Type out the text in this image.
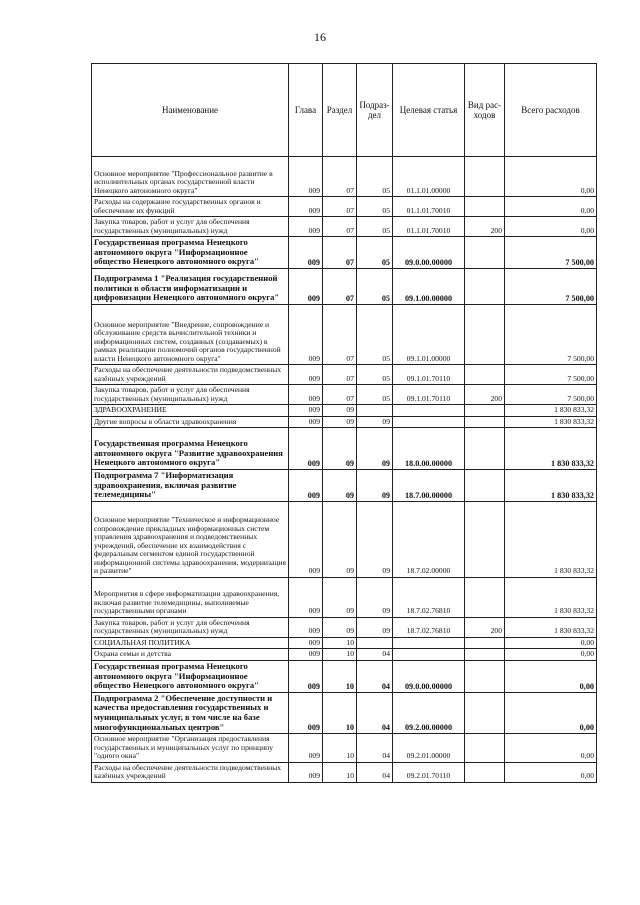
16
Наименование	Глава	Раздел	Подраз- дел	Целевая статья	Вид рас- ходов	Всего расходов
Основное мероприятие "Профессиональное развитие в исполнительных органах государственной власти Ненецкого автономного округа"	009	07	05	01.1.01.00000		0,00
Расходы на содержание государственных органов и обеспечение их функций	009	07	05	01.1.01.70010		0,00
Закупка товаров, работ и услуг для обеспечения государственных (муниципальных) нужд	009	07	05	01.1.01.70010	200	0,00
Государственная программа Ненецкого автономного округа "Информационное общество Ненецкого автономного округа"	009	07	05	09.0.00.00000		7 500,00
Подпрограмма 1 "Реализация государственной политики в области информатизации и цифровизации Ненецкого автономного округа"	009	07	05	09.1.00.00000		7 500,00
Основное мероприятие "Внедрение, сопровождение и обслуживание средств вычислительной техники и информационных систем, созданных (создаваемых) в рамках реализации полномочий органов государственной власти Ненецкого автономного округа"	009	07	05	09.1.01.00000		7 500,00
Расходы на обеспечение деятельности подведомственных казённых учреждений	009	07	05	09.1.01.70110		7 500,00
Закупка товаров, работ и услуг для обеспечения государственных (муниципальных) нужд	009	07	05	09.1.01.70110	200	7 500,00
ЗДРАВООХРАНЕНИЕ	009	09				1 830 833,32
Другие вопросы в области здравоохранения	009	09	09			1 830 833,32
Государственная программа Ненецкого автономного округа "Развитие здравоохранения Ненецкого автономного округа"	009	09	09	18.0.00.00000		1 830 833,32
Подпрограмма 7 "Информатизация здравоохранения, включая развитие телемедицины"	009	09	09	18.7.00.00000		1 830 833,32
Основное мероприятие "Техническое и информационное сопровождение прикладных информационных систем управления здравоохранения и подведомственных учреждений, обеспечение их взаимодействия с федеральным сегментом единой государственной информационной системы здравоохранения, модернизация и развитие"	009	09	09	18.7.02.00000		1 830 833,32
Мероприятия в сфере информатизации здравоохранения, включая развитие телемедицины, выполняемые государственными органами	009	09	09	18.7.02.76810		1 830 833,32
Закупка товаров, работ и услуг для обеспечения государственных (муниципальных) нужд	009	09	09	18.7.02.76810	200	1 830 833,32
СОЦИАЛЬНАЯ ПОЛИТИКА	009	10				0,00
Охрана семьи и детства	009	10	04			0,00
Государственная программа Ненецкого автономного округа "Информационное общество Ненецкого автономного округа"	009	10	04	09.0.00.00000		0,00
Подпрограмма 2 "Обеспечение доступности и качества предоставления государственных и муниципальных услуг, в том числе на базе многофункциональных центров"	009	10	04	09.2.00.00000		0,00
Основное мероприятие "Организация предоставления государственных и муниципальных услуг по принципу "одного окна"	009	10	04	09.2.01.00000		0,00
Расходы на обеспечение деятельности подведомственных казённых учреждений	009	10	04	09.2.01.70110		0,00
